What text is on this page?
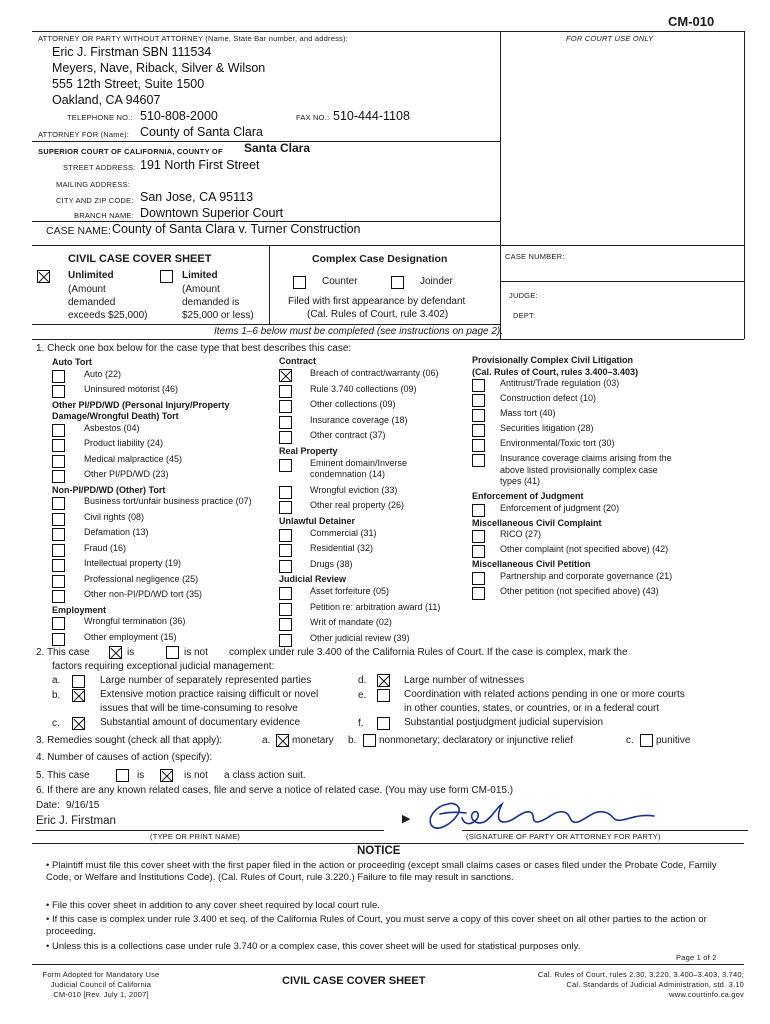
CM-010
ATTORNEY OR PARTY WITHOUT ATTORNEY (Name, State Bar number, and address):	FOR COURT USE ONLY
Eric J. Firstman SBN 111534
Meyers, Nave, Riback, Silver & Wilson
555 12th Street, Suite 1500
Oakland, CA 94607
TELEPHONE NO.: 510-808-2000	FAX NO.: 510-444-1108
ATTORNEY FOR (Name): County of Santa Clara
SUPERIOR COURT OF CALIFORNIA, COUNTY OF Santa Clara
STREET ADDRESS: 191 North First Street
MAILING ADDRESS:
CITY AND ZIP CODE: San Jose, CA 95113
BRANCH NAME: Downtown Superior Court
CASE NAME: County of Santa Clara v. Turner Construction
CIVIL CASE COVER SHEET	Complex Case Designation	CASE NUMBER:
Unlimited
(Amount
demanded
exceeds $25,000)
Limited
(Amount
demanded is
$25,000 or less)
Counter	Joinder
Filed with first appearance by defendant
(Cal. Rules of Court, rule 3.402)
JUDGE:
DEPT:
Items 1–6 below must be completed (see instructions on page 2).
1. Check one box below for the case type that best describes this case:
Auto Tort
Auto (22)
Uninsured motorist (46)
Other PI/PD/WD (Personal Injury/Property
Damage/Wrongful Death) Tort
Asbestos (04)
Product liability (24)
Medical malpractice (45)
Other PI/PD/WD (23)
Non-PI/PD/WD (Other) Tort
Business tort/unfair business practice (07)
Civil rights (08)
Defamation (13)
Fraud (16)
Intellectual property (19)
Professional negligence (25)
Other non-PI/PD/WD tort (35)
Employment
Wrongful termination (36)
Other employment (15)
Contract
Breach of contract/warranty (06)
Rule 3.740 collections (09)
Other collections (09)
Insurance coverage (18)
Other contract (37)
Real Property
Eminent domain/Inverse
condemnation (14)
Wrongful eviction (33)
Other real property (26)
Unlawful Detainer
Commercial (31)
Residential (32)
Drugs (38)
Judicial Review
Asset forfeiture (05)
Petition re: arbitration award (11)
Writ of mandate (02)
Other judicial review (39)
Provisionally Complex Civil Litigation
(Cal. Rules of Court, rules 3.400–3.403)
Antitrust/Trade regulation (03)
Construction defect (10)
Mass tort (40)
Securities litigation (28)
Environmental/Toxic tort (30)
Insurance coverage claims arising from the
above listed provisionally complex case
types (41)
Enforcement of Judgment
Enforcement of judgment (20)
Miscellaneous Civil Complaint
RICO (27)
Other complaint (not specified above) (42)
Miscellaneous Civil Petition
Partnership and corporate governance (21)
Other petition (not specified above) (43)
2. This case	is	is not complex under rule 3.400 of the California Rules of Court. If the case is complex, mark the
factors requiring exceptional judicial management:
a.	Large number of separately represented parties
b.	Extensive motion practice raising difficult or novel
issues that will be time-consuming to resolve
c.	Substantial amount of documentary evidence
d.	Large number of witnesses
e.	Coordination with related actions pending in one or more courts
in other counties, states, or countries, or in a federal court
f.	Substantial postjudgment judicial supervision
3. Remedies sought (check all that apply):	a. monetary b. nonmonetary; declaratory or injunctive relief	c. punitive
4. Number of causes of action (specify):
5. This case	is	is not a class action suit.
6. If there are any known related cases, file and serve a notice of related case. (You may use form CM-015.)
Date: 9/16/15
Eric J. Firstman
(TYPE OR PRINT NAME)
▶
(SIGNATURE OF PARTY OR ATTORNEY FOR PARTY)
NOTICE
• Plaintiff must file this cover sheet with the first paper filed in the action or proceeding (except small claims cases or cases filed under the Probate Code, Family Code, or Welfare and Institutions Code). (Cal. Rules of Court, rule 3.220.) Failure to file may result in sanctions.
• File this cover sheet in addition to any cover sheet required by local court rule.
• If this case is complex under rule 3.400 et seq. of the California Rules of Court, you must serve a copy of this cover sheet on all other parties to the action or proceeding.
• Unless this is a collections case under rule 3.740 or a complex case, this cover sheet will be used for statistical purposes only.
Page 1 of 2
Form Adopted for Mandatory Use
Judicial Council of California
CM-010 [Rev. July 1, 2007]
CIVIL CASE COVER SHEET
Cal. Rules of Court, rules 2.30, 3.220, 3.400–3.403, 3.740;
Cal. Standards of Judicial Administration, std. 3.10
www.courtinfo.ca.gov
